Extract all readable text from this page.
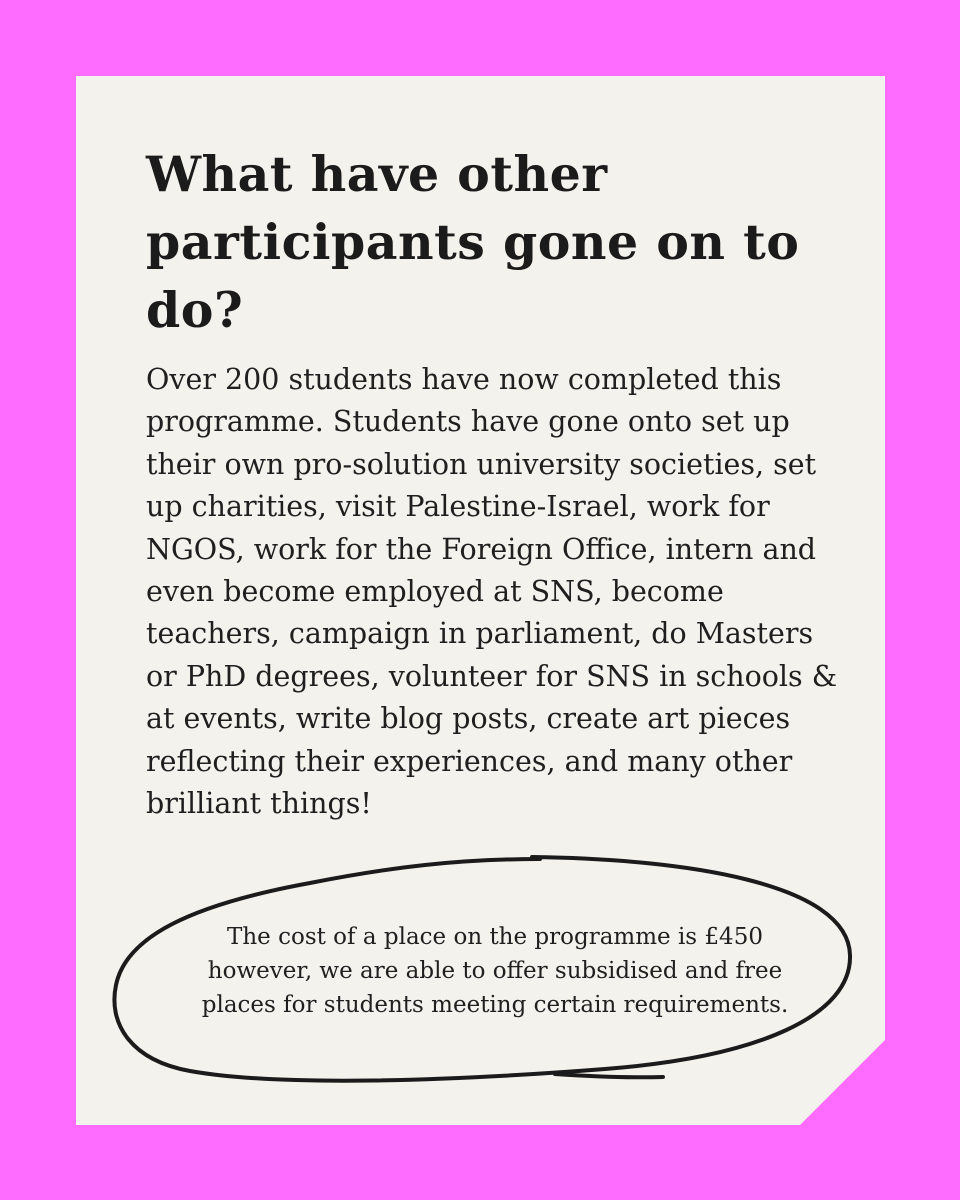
What have other participants gone on to do?

Over 200 students have now completed this programme. Students have gone onto set up their own pro-solution university societies, set up charities, visit Palestine-Israel, work for NGOS, work for the Foreign Office, intern and even become employed at SNS, become teachers, campaign in parliament, do Masters or PhD degrees, volunteer for SNS in schools & at events, write blog posts, create art pieces reflecting their experiences, and many other brilliant things!

The cost of a place on the programme is £450 however, we are able to offer subsidised and free places for students meeting certain requirements.
